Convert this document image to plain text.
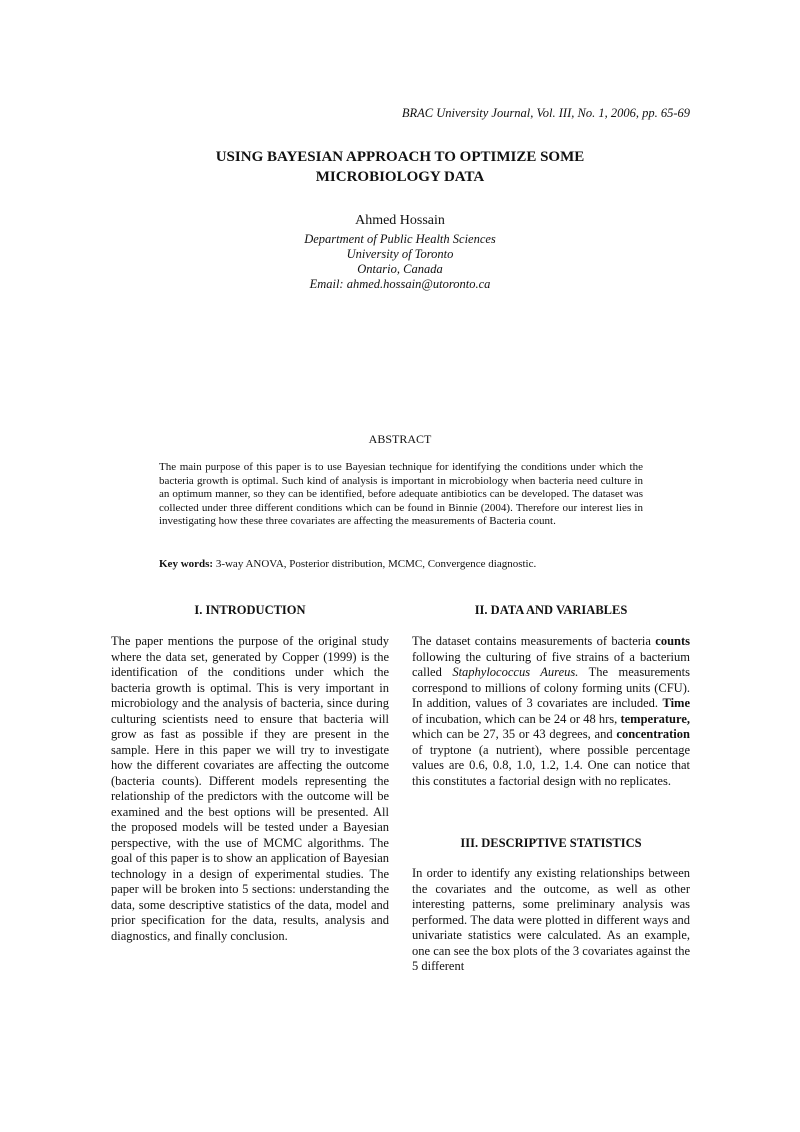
BRAC University Journal, Vol. III, No. 1, 2006, pp. 65-69
USING BAYESIAN APPROACH TO OPTIMIZE SOME
MICROBIOLOGY DATA
Ahmed Hossain
Department of Public Health Sciences
University of Toronto
Ontario, Canada
Email: ahmed.hossain@utoronto.ca
ABSTRACT
The main purpose of this paper is to use Bayesian technique for identifying the conditions under which the bacteria growth is optimal. Such kind of analysis is important in microbiology when bacteria need culture in an optimum manner, so they can be identified, before adequate antibiotics can be developed. The dataset was collected under three different conditions which can be found in Binnie (2004). Therefore our interest lies in investigating how these three covariates are affecting the measurements of Bacteria count.
Key words: 3-way ANOVA, Posterior distribution, MCMC, Convergence diagnostic.
I. INTRODUCTION
The paper mentions the purpose of the original study where the data set, generated by Copper (1999) is the identification of the conditions under which the bacteria growth is optimal. This is very important in microbiology and the analysis of bacteria, since during culturing scientists need to ensure that bacteria will grow as fast as possible if they are present in the sample. Here in this paper we will try to investigate how the different covariates are affecting the outcome (bacteria counts). Different models representing the relationship of the predictors with the outcome will be examined and the best options will be presented. All the proposed models will be tested under a Bayesian perspective, with the use of MCMC algorithms. The goal of this paper is to show an application of Bayesian technology in a design of experimental studies. The paper will be broken into 5 sections: understanding the data, some descriptive statistics of the data, model and prior specification for the data, results, analysis and diagnostics, and finally conclusion.
II. DATA AND VARIABLES
The dataset contains measurements of bacteria counts following the culturing of five strains of a bacterium called Staphylococcus Aureus. The measurements correspond to millions of colony forming units (CFU). In addition, values of 3 covariates are included. Time of incubation, which can be 24 or 48 hrs, temperature, which can be 27, 35 or 43 degrees, and concentration of tryptone (a nutrient), where possible percentage values are 0.6, 0.8, 1.0, 1.2, 1.4. One can notice that this constitutes a factorial design with no replicates.
III. DESCRIPTIVE STATISTICS
In order to identify any existing relationships between the covariates and the outcome, as well as other interesting patterns, some preliminary analysis was performed. The data were plotted in different ways and univariate statistics were calculated. As an example, one can see the box plots of the 3 covariates against the 5 different
